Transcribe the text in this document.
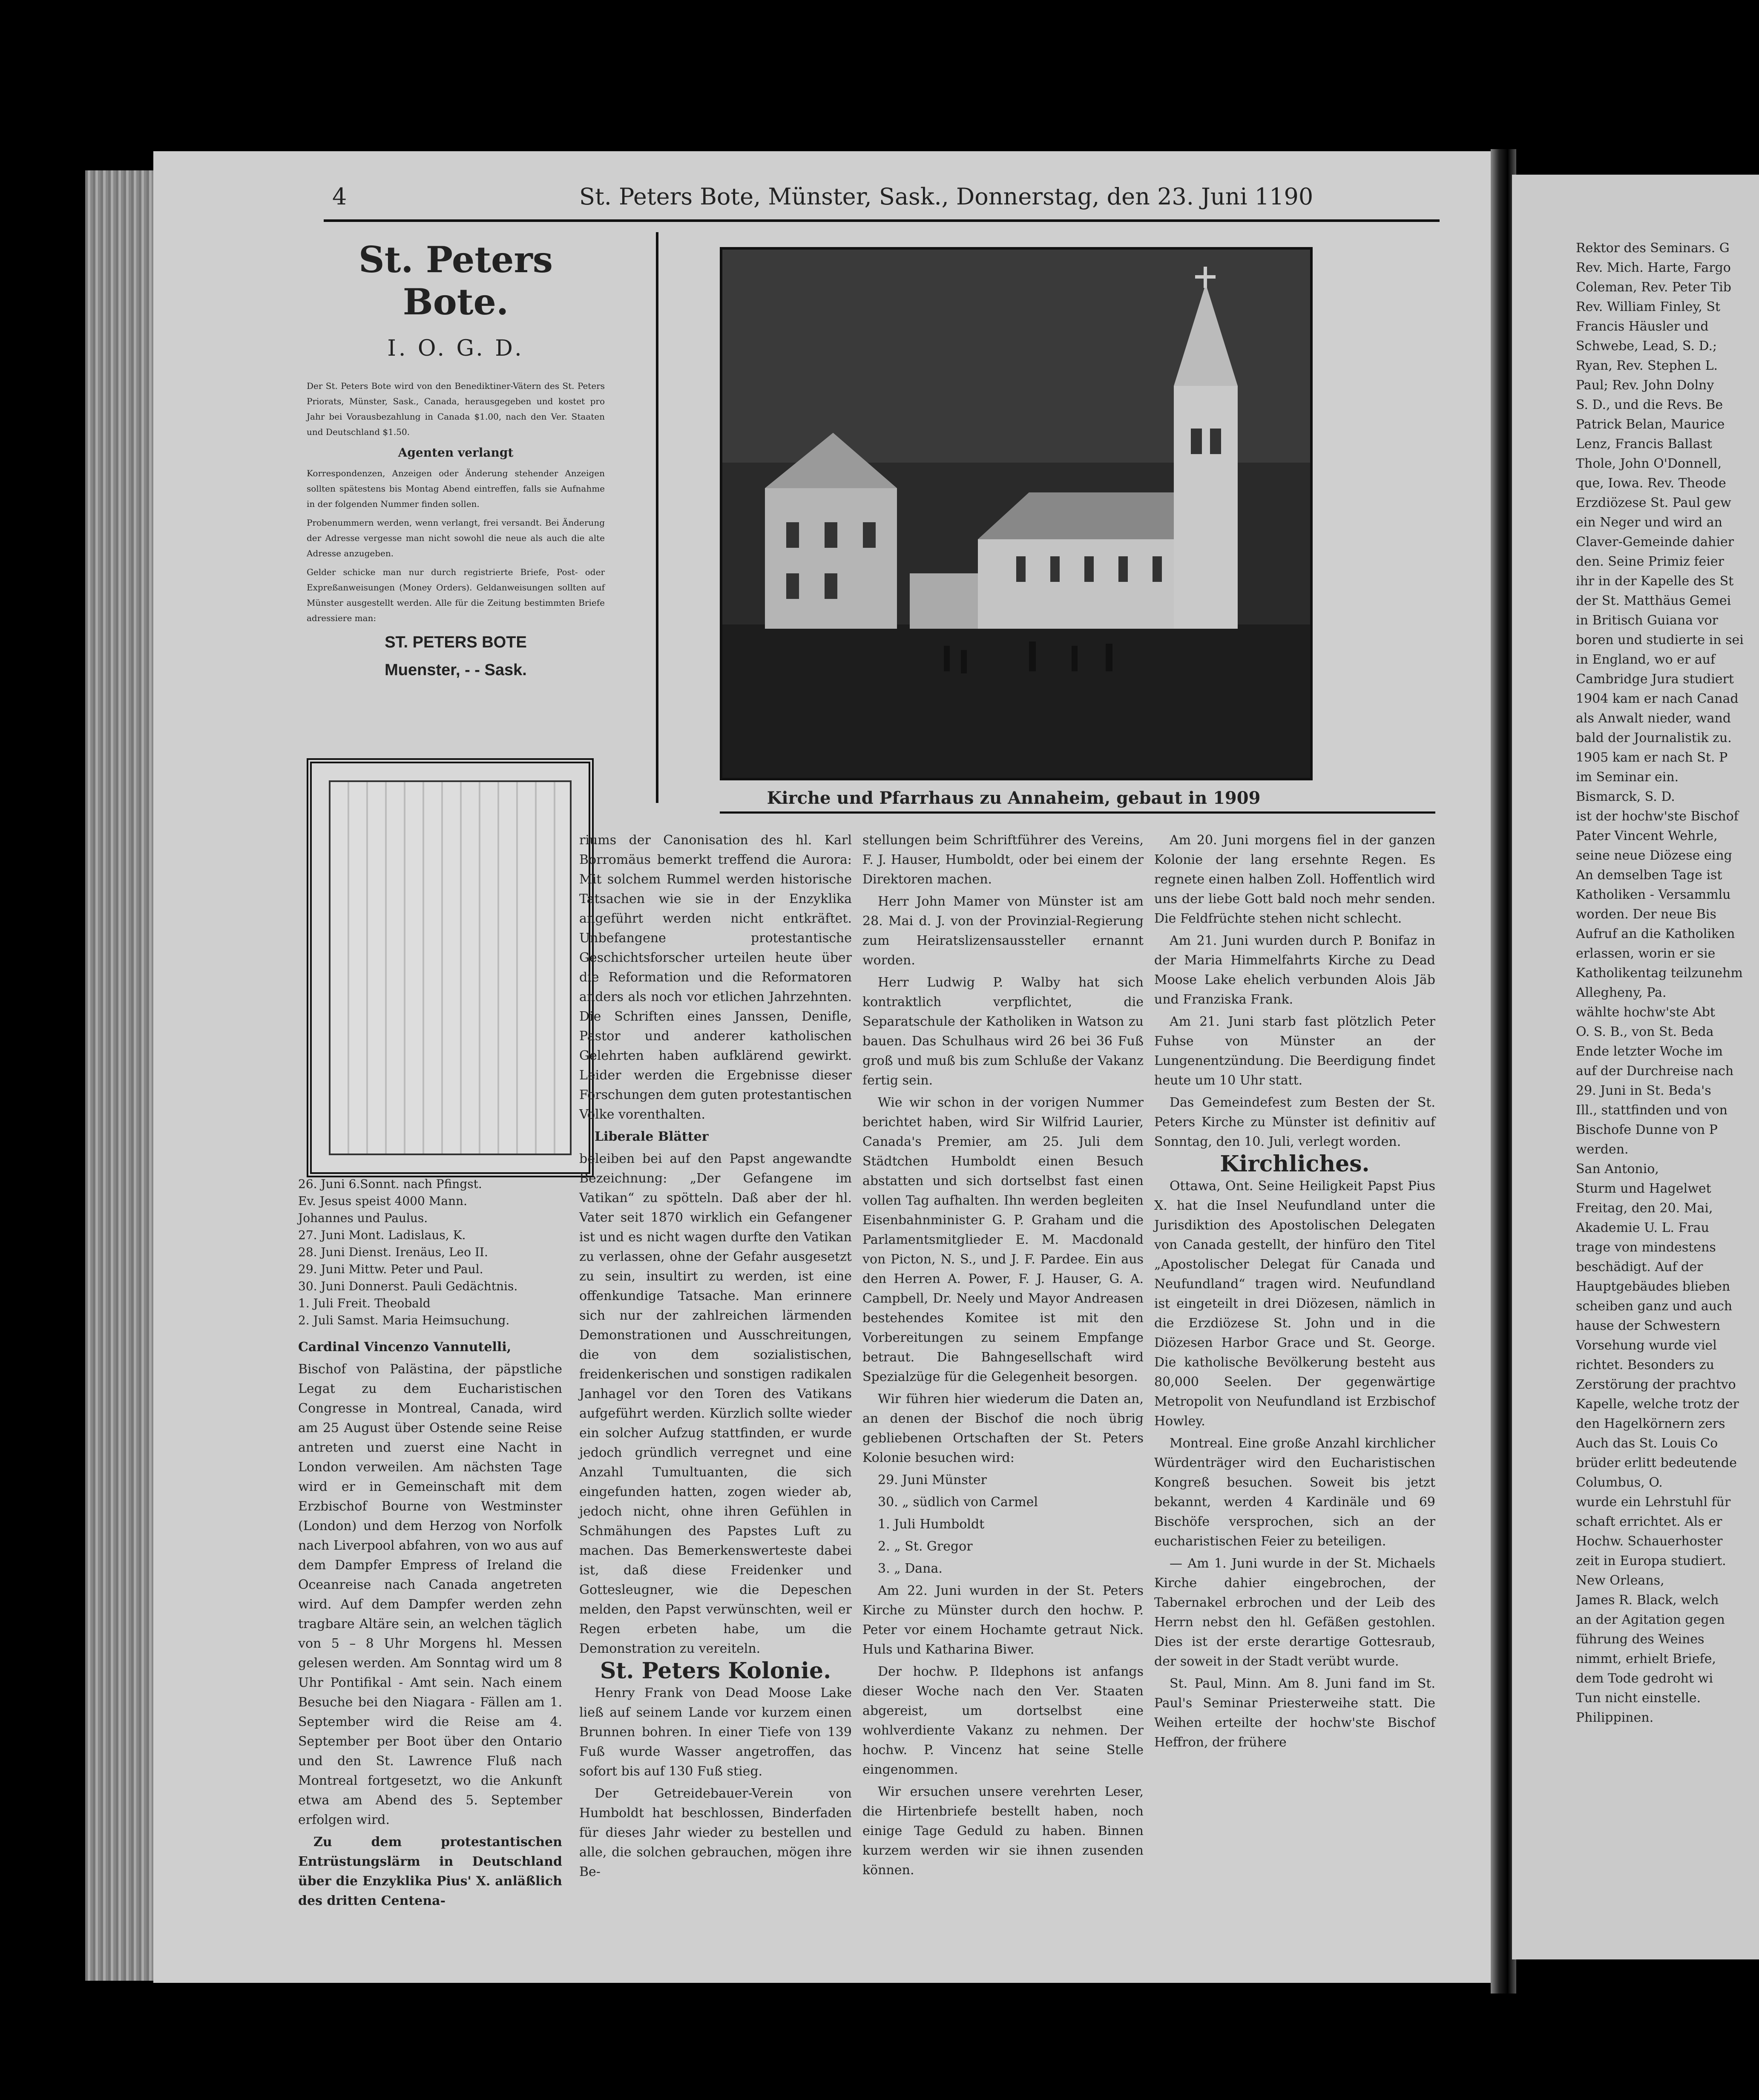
4	St. Peters Bote, Münster, Sask., Donnerstag, den 23. Juni 1190
St. Peters Bote.
I. O. G. D.
Der St. Peters Bote wird von den Benediktiner-Vätern des St. Peters Priorats, Münster, Sask., Canada, herausgegeben und kostet pro Jahr bei Vorausbezahlung in Canada $1.00, nach den Ver. Staaten und Deutschland $1.50.
Agenten verlangt
Korrespondenzen, Anzeigen oder Änderung stehender Anzeigen sollten spätestens bis Montag Abend eintreffen, falls sie Aufnahme in der folgenden Nummer finden sollen.
Probenummern werden, wenn verlangt, frei versandt. Bei Änderung der Adresse vergesse man nicht sowohl die neue als auch die alte Adresse anzugeben.
Gelder schicke man nur durch registrierte Briefe, Post- oder Expreßanweisungen (Money Orders). Geldanweisungen sollten auf Münster ausgestellt werden. Alle für die Zeitung bestimmten Briefe adressiere man:
ST. PETERS BOTE
Muenster, - - Sask.
Kirche und Pfarrhaus zu Annaheim, gebaut in 1909
26. Juni 6.Sonnt. nach Pfingst.
Ev. Jesus speist 4000 Mann.
Johannes und Paulus.
27. Juni Mont. Ladislaus, K.
28. Juni Dienst. Irenäus, Leo II.
29. Juni Mittw. Peter und Paul.
30. Juni Donnerst. Pauli Gedächtnis.
1. Juli Freit. Theobald
2. Juli Samst. Maria Heimsuchung.

Cardinal Vincenzo Vannutelli,

Bischof von Palästina, der päpstliche Legat zu dem Eucharistischen Congresse in Montreal, Canada, wird am 25 August über Ostende seine Reise antreten und zuerst eine Nacht in London verweilen. Am nächsten Tage wird er in Gemeinschaft mit dem Erzbischof Bourne von Westminster (London) und dem Herzog von Norfolk nach Liverpool abfahren, von wo aus auf dem Dampfer Empress of Ireland die Oceanreise nach Canada angetreten wird. Auf dem Dampfer werden zehn tragbare Altäre sein, an welchen täglich von 5 – 8 Uhr Morgens hl. Messen gelesen werden. Am Sonntag wird um 8 Uhr Pontifikal - Amt sein. Nach einem Besuche bei den Niagara - Fällen am 1. September wird die Reise am 4. September per Boot über den Ontario und den St. Lawrence Fluß nach Montreal fortgesetzt, wo die Ankunft etwa am Abend des 5. September erfolgen wird.

Zu dem protestantischen Entrüstungslärm in Deutschland über die Enzyklika Pius' X. anläßlich des dritten Centena-

riums der Canonisation des hl. Karl Borromäus bemerkt treffend die Aurora: Mit solchem Rummel werden historische Tatsachen wie sie in der Enzyklika angeführt werden nicht entkräftet. Unbefangene protestantische Geschichtsforscher urteilen heute über die Reformation und die Reformatoren anders als noch vor etlichen Jahrzehnten. Die Schriften eines Janssen, Denifle, Pastor und anderer katholischen Gelehrten haben aufklärend gewirkt. Leider werden die Ergebnisse dieser Forschungen dem guten protestantischen Volke vorenthalten.

Liberale Blätter

beleiben bei auf den Papst angewandte Bezeichnung: „Der Gefangene im Vatikan“ zu spötteln. Daß aber der hl. Vater seit 1870 wirklich ein Gefangener ist und es nicht wagen durfte den Vatikan zu verlassen, ohne der Gefahr ausgesetzt zu sein, insultirt zu werden, ist eine offenkundige Tatsache. Man erinnere sich nur der zahlreichen lärmenden Demonstrationen und Ausschreitungen, die von dem sozialistischen, freidenkerischen und sonstigen radikalen Janhagel vor den Toren des Vatikans aufgeführt werden. Kürzlich sollte wieder ein solcher Aufzug stattfinden, er wurde jedoch gründlich verregnet und eine Anzahl Tumultuanten, die sich eingefunden hatten, zogen wieder ab, jedoch nicht, ohne ihren Gefühlen in Schmähungen des Papstes Luft zu machen. Das Bemerkenswerteste dabei ist, daß diese Freidenker und Gottesleugner, wie die Depeschen melden, den Papst verwünschten, weil er Regen erbeten habe, um die Demonstration zu vereiteln.

St. Peters Kolonie.

Henry Frank von Dead Moose Lake ließ auf seinem Lande vor kurzem einen Brunnen bohren. In einer Tiefe von 139 Fuß wurde Wasser angetroffen, das sofort bis auf 130 Fuß stieg.

Der Getreidebauer-Verein von Humboldt hat beschlossen, Binderfaden für dieses Jahr wieder zu bestellen und alle, die solchen gebrauchen, mögen ihre Be-

stellungen beim Schriftführer des Vereins, F. J. Hauser, Humboldt, oder bei einem der Direktoren machen.

Herr John Mamer von Münster ist am 28. Mai d. J. von der Provinzial-Regierung zum Heiratslizensaussteller ernannt worden.

Herr Ludwig P. Walby hat sich kontraktlich verpflichtet, die Separatschule der Katholiken in Watson zu bauen. Das Schulhaus wird 26 bei 36 Fuß groß und muß bis zum Schluße der Vakanz fertig sein.

Wie wir schon in der vorigen Nummer berichtet haben, wird Sir Wilfrid Laurier, Canada's Premier, am 25. Juli dem Städtchen Humboldt einen Besuch abstatten und sich dortselbst fast einen vollen Tag aufhalten. Ihn werden begleiten Eisenbahnminister G. P. Graham und die Parlamentsmitglieder E. M. Macdonald von Picton, N. S., und J. F. Pardee. Ein aus den Herren A. Power, F. J. Hauser, G. A. Campbell, Dr. Neely und Mayor Andreasen bestehendes Komitee ist mit den Vorbereitungen zu seinem Empfange betraut. Die Bahngesellschaft wird Spezialzüge für die Gelegenheit besorgen.

Wir führen hier wiederum die Daten an, an denen der Bischof die noch übrig gebliebenen Ortschaften der St. Peters Kolonie besuchen wird:

29. Juni Münster

30. „ südlich von Carmel

1. Juli Humboldt

2. „ St. Gregor

3. „ Dana.

Am 22. Juni wurden in der St. Peters Kirche zu Münster durch den hochw. P. Peter vor einem Hochamte getraut Nick. Huls und Katharina Biwer.

Der hochw. P. Ildephons ist anfangs dieser Woche nach den Ver. Staaten abgereist, um dortselbst eine wohlverdiente Vakanz zu nehmen. Der hochw. P. Vincenz hat seine Stelle eingenommen.

Wir ersuchen unsere verehrten Leser, die Hirtenbriefe bestellt haben, noch einige Tage Geduld zu haben. Binnen kurzem werden wir sie ihnen zusenden können.

Am 20. Juni morgens fiel in der ganzen Kolonie der lang ersehnte Regen. Es regnete einen halben Zoll. Hoffentlich wird uns der liebe Gott bald noch mehr senden. Die Feldfrüchte stehen nicht schlecht.

Am 21. Juni wurden durch P. Bonifaz in der Maria Himmelfahrts Kirche zu Dead Moose Lake ehelich verbunden Alois Jäb und Franziska Frank.

Am 21. Juni starb fast plötzlich Peter Fuhse von Münster an der Lungenentzündung. Die Beerdigung findet heute um 10 Uhr statt.

Das Gemeindefest zum Besten der St. Peters Kirche zu Münster ist definitiv auf Sonntag, den 10. Juli, verlegt worden.

Kirchliches.

Ottawa, Ont. Seine Heiligkeit Papst Pius X. hat die Insel Neufundland unter die Jurisdiktion des Apostolischen Delegaten von Canada gestellt, der hinfüro den Titel „Apostolischer Delegat für Canada und Neufundland“ tragen wird. Neufundland ist eingeteilt in drei Diözesen, nämlich in die Erzdiözese St. John und in die Diözesen Harbor Grace und St. George. Die katholische Bevölkerung besteht aus 80,000 Seelen. Der gegenwärtige Metropolit von Neufundland ist Erzbischof Howley.

Montreal. Eine große Anzahl kirchlicher Würdenträger wird den Eucharistischen Kongreß besuchen. Soweit bis jetzt bekannt, werden 4 Kardinäle und 69 Bischöfe versprochen, sich an der eucharistischen Feier zu beteiligen.

— Am 1. Juni wurde in der St. Michaels Kirche dahier eingebrochen, der Tabernakel erbrochen und der Leib des Herrn nebst den hl. Gefäßen gestohlen. Dies ist der erste derartige Gottesraub, der soweit in der Stadt verübt wurde.

St. Paul, Minn. Am 8. Juni fand im St. Paul's Seminar Priesterweihe statt. Die Weihen erteilte der hochw'ste Bischof Heffron, der frühere

Rektor des Seminars. G
Rev. Mich. Harte, Fargo
Coleman, Rev. Peter Tib
Rev. William Finley, St
Francis Häusler und
Schwebe, Lead, S. D.;
Ryan, Rev. Stephen L.
Paul; Rev. John Dolny
S. D., und die Revs. Be
Patrick Belan, Maurice
Lenz, Francis Ballast
Thole, John O'Donnell,
que, Iowa. Rev. Theode
Erzdiözese St. Paul gew
ein Neger und wird an
Claver-Gemeinde dahier
den. Seine Primiz feier
ihr in der Kapelle des St
der St. Matthäus Gemei
in Britisch Guiana vor
boren und studierte in sei
in England, wo er auf
Cambridge Jura studiert
1904 kam er nach Canad
als Anwalt nieder, wand
bald der Journalistik zu.
1905 kam er nach St. P
im Seminar ein.
Bismarck, S. D.
ist der hochw'ste Bischof
Pater Vincent Wehrle,
seine neue Diözese eing
An demselben Tage ist
Katholiken - Versammlu
worden. Der neue Bis
Aufruf an die Katholiken
erlassen, worin er sie
Katholikentag teilzunehm
Allegheny, Pa.
wählte hochw'ste Abt
O. S. B., von St. Beda
Ende letzter Woche im
auf der Durchreise nach
29. Juni in St. Beda's
Ill., stattfinden und von
Bischofe Dunne von P
werden.
San Antonio,
Sturm und Hagelwet
Freitag, den 20. Mai,
Akademie U. L. Frau
trage von mindestens
beschädigt. Auf der
Hauptgebäudes blieben
scheiben ganz und auch
hause der Schwestern
Vorsehung wurde viel
richtet. Besonders zu
Zerstörung der prachtvo
Kapelle, welche trotz der
den Hagelkörnern zers
Auch das St. Louis Co
brüder erlitt bedeutende
Columbus, O.
wurde ein Lehrstuhl für
schaft errichtet. Als er
Hochw. Schauerhoster
zeit in Europa studiert.
New Orleans,
James R. Black, welch
an der Agitation gegen
führung des Weines
nimmt, erhielt Briefe,
dem Tode gedroht wi
Tun nicht einstelle.
Philippinen.
